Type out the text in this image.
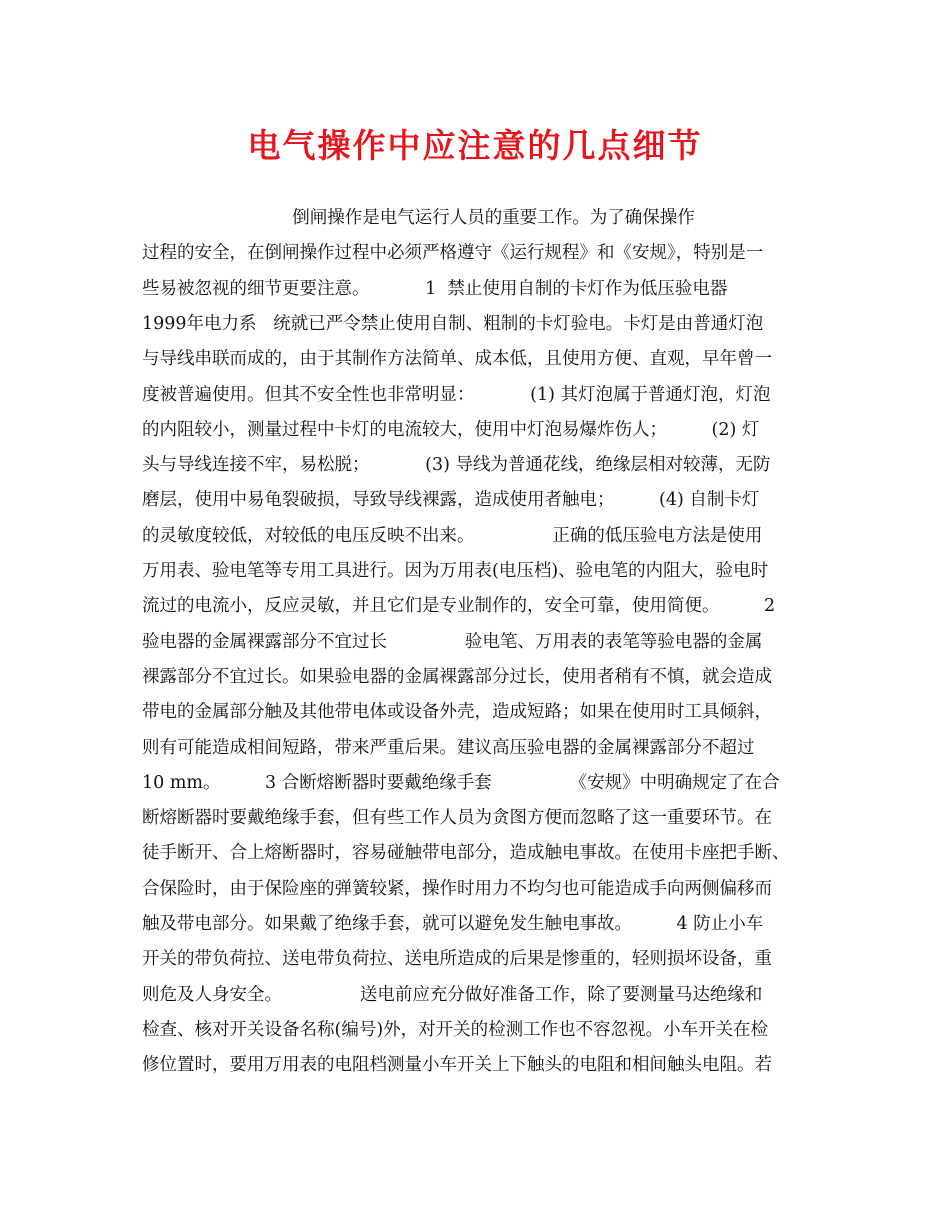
电气操作中应注意的几点细节
倒闸操作是电气运行人员的重要工作。为了确保操作
过程的安全，在倒闸操作过程中必须严格遵守《运行规程》和《安规》，特别是一
些易被忽视的细节更要注意。          1  禁止使用自制的卡灯作为低压验电器
1999年电力系   统就已严令禁止使用自制、粗制的卡灯验电。卡灯是由普通灯泡
与导线串联而成的，由于其制作方法简单、成本低，且使用方便、直观，早年曾一
度被普遍使用。但其不安全性也非常明显：          (1) 其灯泡属于普通灯泡，灯泡
的内阻较小，测量过程中卡灯的电流较大，使用中灯泡易爆炸伤人；        (2) 灯
头与导线连接不牢，易松脱；          (3) 导线为普通花线，绝缘层相对较薄，无防
磨层，使用中易龟裂破损，导致导线裸露，造成使用者触电；        (4) 自制卡灯
的灵敏度较低，对较低的电压反映不出来。              正确的低压验电方法是使用
万用表、验电笔等专用工具进行。因为万用表(电压档)、验电笔的内阻大，验电时
流过的电流小，反应灵敏，并且它们是专业制作的，安全可靠，使用简便。        2
验电器的金属裸露部分不宜过长              验电笔、万用表的表笔等验电器的金属
裸露部分不宜过长。如果验电器的金属裸露部分过长，使用者稍有不慎，就会造成
带电的金属部分触及其他带电体或设备外壳，造成短路；如果在使用时工具倾斜，
则有可能造成相间短路，带来严重后果。建议高压验电器的金属裸露部分不超过
10 mm。        3 合断熔断器时要戴绝缘手套              《安规》中明确规定了在合
断熔断器时要戴绝缘手套，但有些工作人员为贪图方便而忽略了这一重要环节。在
徒手断开、合上熔断器时，容易碰触带电部分，造成触电事故。在使用卡座把手断、
合保险时，由于保险座的弹簧较紧，操作时用力不均匀也可能造成手向两侧偏移而
触及带电部分。如果戴了绝缘手套，就可以避免发生触电事故。        4 防止小车
开关的带负荷拉、送电带负荷拉、送电所造成的后果是惨重的，轻则损坏设备，重
则危及人身安全。              送电前应充分做好准备工作，除了要测量马达绝缘和
检查、核对开关设备名称(编号)外，对开关的检测工作也不容忽视。小车开关在检
修位置时，要用万用表的电阻档测量小车开关上下触头的电阻和相间触头电阻。若
